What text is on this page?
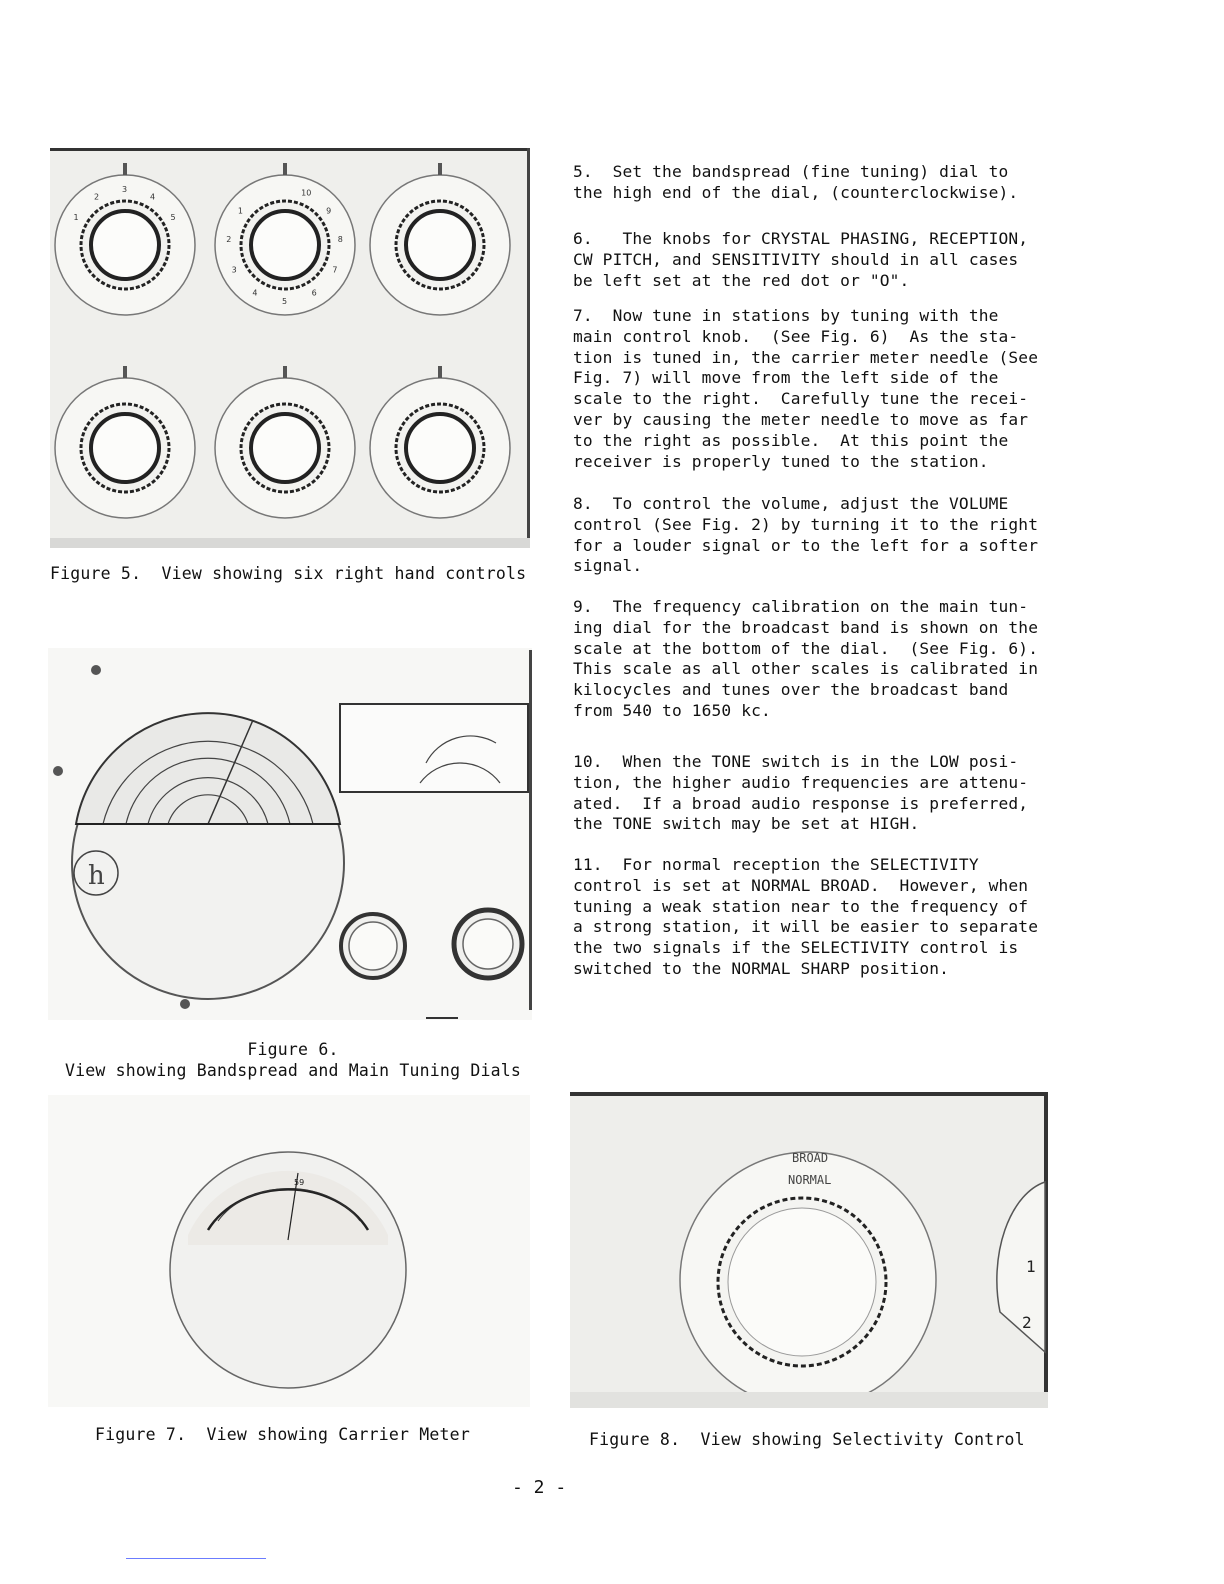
1
2
3
4
5
10
9
8
7
6
5
4
3
2
1
Figure 5.  View showing six right hand controls
h
Figure 6.
View showing Bandspread and Main Tuning Dials
59
Figure 7.  View showing Carrier Meter
BROAD
NORMAL
2
1
Figure 8.  View showing Selectivity Control
5.  Set the bandspread (fine tuning) dial to
the high end of the dial, (counterclockwise).
6.   The knobs for CRYSTAL PHASING, RECEPTION,
CW PITCH, and SENSITIVITY should in all cases
be left set at the red dot or "O".
7.  Now tune in stations by tuning with the
main control knob.  (See Fig. 6)  As the sta-
tion is tuned in, the carrier meter needle (See
Fig. 7) will move from the left side of the
scale to the right.  Carefully tune the recei-
ver by causing the meter needle to move as far
to the right as possible.  At this point the
receiver is properly tuned to the station.
8.  To control the volume, adjust the VOLUME
control (See Fig. 2) by turning it to the right
for a louder signal or to the left for a softer
signal.
9.  The frequency calibration on the main tun-
ing dial for the broadcast band is shown on the
scale at the bottom of the dial.  (See Fig. 6).
This scale as all other scales is calibrated in
kilocycles and tunes over the broadcast band
from 540 to 1650 kc.
10.  When the TONE switch is in the LOW posi-
tion, the higher audio frequencies are attenu-
ated.  If a broad audio response is preferred,
the TONE switch may be set at HIGH.
11.  For normal reception the SELECTIVITY
control is set at NORMAL BROAD.  However, when
tuning a weak station near to the frequency of
a strong station, it will be easier to separate
the two signals if the SELECTIVITY control is
switched to the NORMAL SHARP position.
- 2 -
